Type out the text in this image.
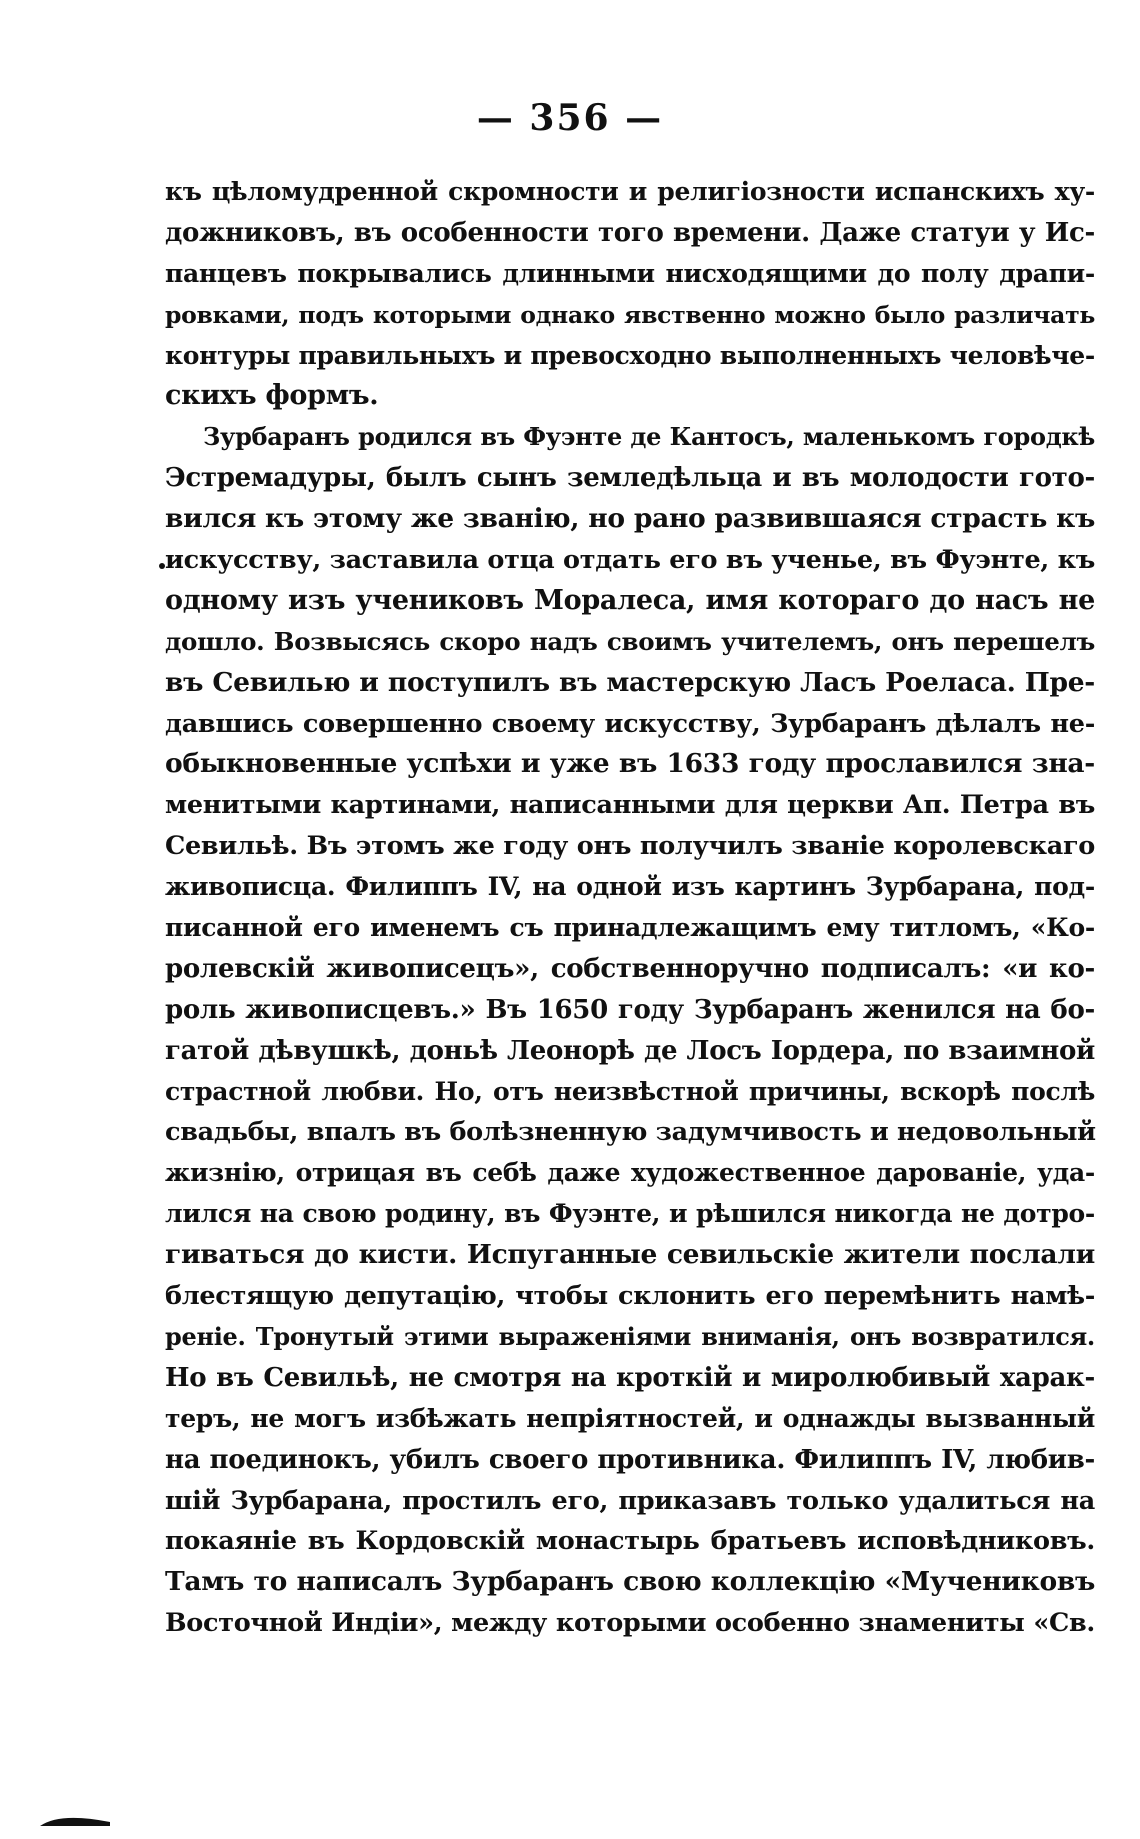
— 356 —
къ цѣломудренной скромности и религіозности испанскихъ ху-
дожниковъ, въ особенности того времени. Даже статуи у Ис-
панцевъ покрывались длинными нисходящими до полу драпи-
ровками, подъ которыми однако явственно можно было различать
контуры правильныхъ и превосходно выполненныхъ человѣче-
скихъ формъ.
Зурбаранъ родился въ Фуэнте де Кантосъ, маленькомъ городкѣ
Эстремадуры, былъ сынъ земледѣльца и въ молодости гото-
вился къ этому же званію, но рано развившаяся страсть къ
искусству, заставила отца отдать его въ ученье, въ Фуэнте, къ
одному изъ учениковъ Моралеса, имя котораго до насъ не
дошло. Возвысясь скоро надъ своимъ учителемъ, онъ перешелъ
въ Севилью и поступилъ въ мастерскую Ласъ Роеласа. Пре-
давшись совершенно своему искусству, Зурбаранъ дѣлалъ не-
обыкновенные успѣхи и уже въ 1633 году прославился зна-
менитыми картинами, написанными для церкви Ап. Петра въ
Севильѣ. Въ этомъ же году онъ получилъ званіе королевскаго
живописца. Филиппъ IV, на одной изъ картинъ Зурбарана, под-
писанной его именемъ съ принадлежащимъ ему титломъ, «Ко-
ролевскій живописецъ», собственноручно подписалъ: «и ко-
роль живописцевъ.» Въ 1650 году Зурбаранъ женился на бо-
гатой дѣвушкѣ, доньѣ Леонорѣ де Лосъ Іордера, по взаимной
страстной любви. Но, отъ неизвѣстной причины, вскорѣ послѣ
свадьбы, впалъ въ болѣзненную задумчивость и недовольный
жизнію, отрицая въ себѣ даже художественное дарованіе, уда-
лился на свою родину, въ Фуэнте, и рѣшился никогда не дотро-
гиваться до кисти. Испуганные севильскіе жители послали
блестящую депутацію, чтобы склонить его перемѣнить намѣ-
реніе. Тронутый этими выраженіями вниманія, онъ возвратился.
Но въ Севильѣ, не смотря на кроткій и миролюбивый харак-
теръ, не могъ избѣжать непріятностей, и однажды вызванный
на поединокъ, убилъ своего противника. Филиппъ IV, любив-
шій Зурбарана, простилъ его, приказавъ только удалиться на
покаяніе въ Кордовскій монастырь братьевъ исповѣдниковъ.
Тамъ то написалъ Зурбаранъ свою коллекцію «Мучениковъ
Восточной Индіи», между которыми особенно знамениты «Св.
